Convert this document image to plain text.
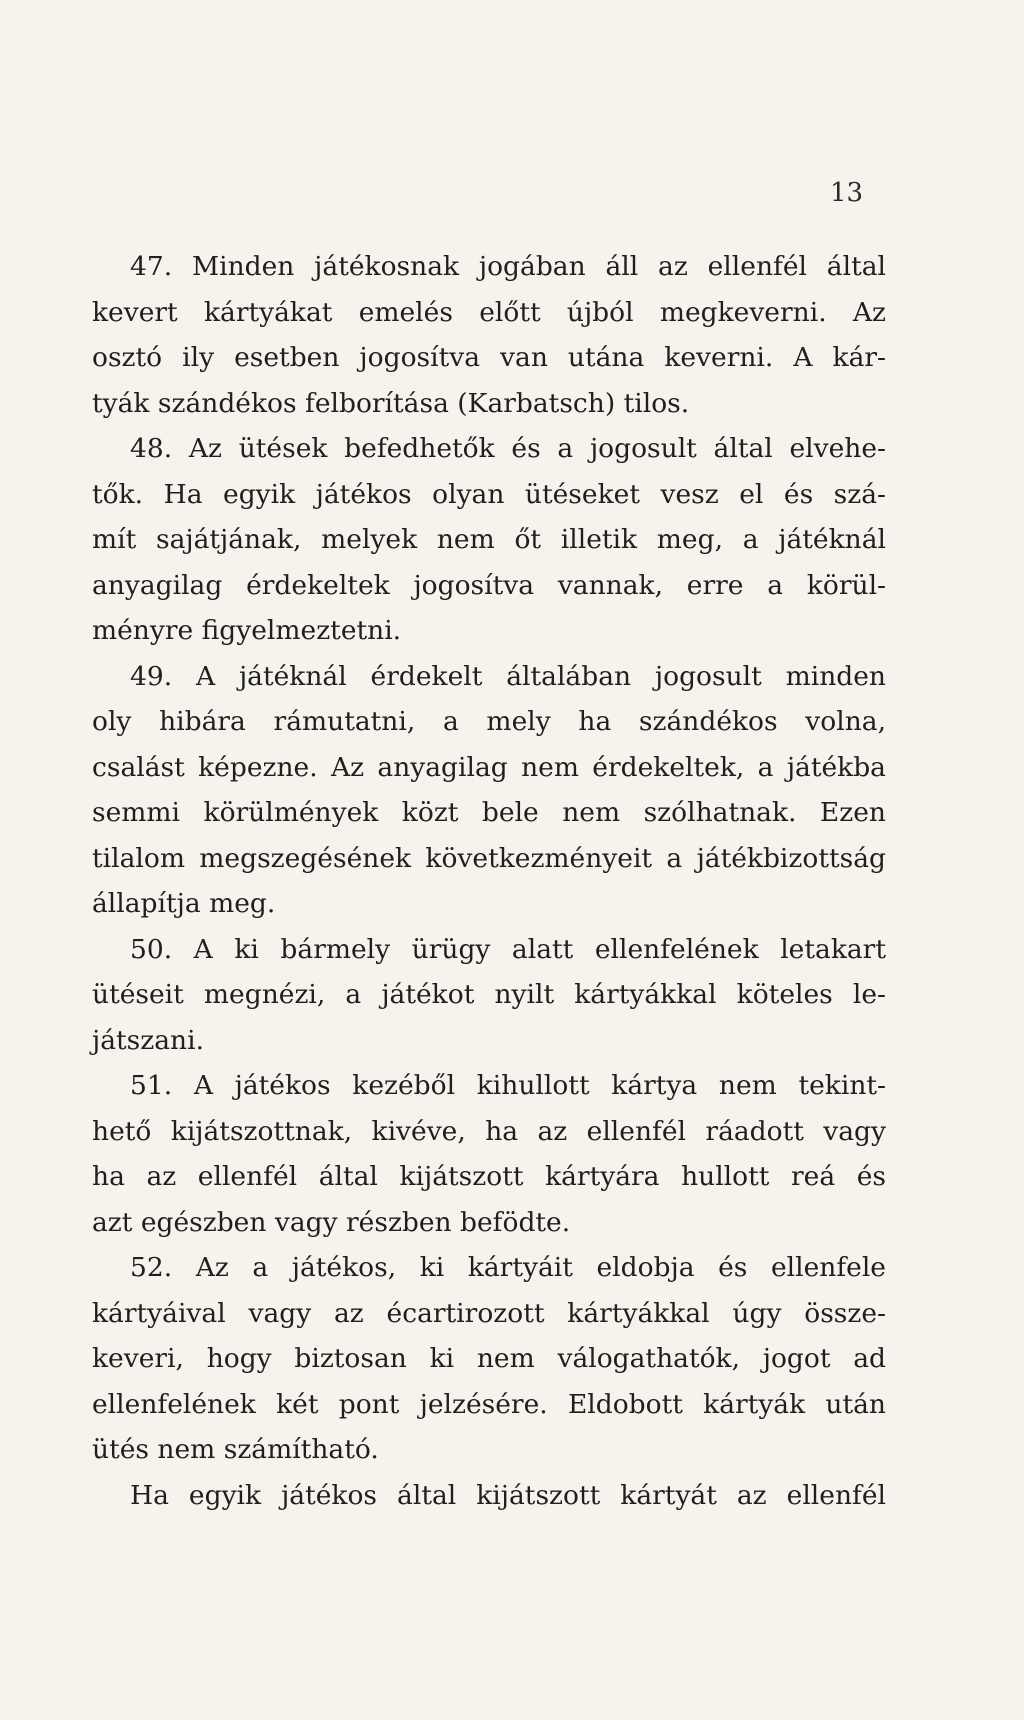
13
47. Minden játékosnak jogában áll az ellenfél által
kevert kártyákat emelés előtt újból megkeverni. Az
osztó ily esetben jogosítva van utána keverni. A kár-
tyák szándékos felborítása (Karbatsch) tilos.
48. Az ütések befedhetők és a jogosult által elvehe-
tők. Ha egyik játékos olyan ütéseket vesz el és szá-
mít sajátjának, melyek nem őt illetik meg, a játéknál
anyagilag érdekeltek jogosítva vannak, erre a körül-
ményre figyelmeztetni.
49. A játéknál érdekelt általában jogosult minden
oly hibára rámutatni, a mely ha szándékos volna,
csalást képezne. Az anyagilag nem érdekeltek, a játékba
semmi körülmények közt bele nem szólhatnak. Ezen
tilalom megszegésének következményeit a játékbizottság
állapítja meg.
50. A ki bármely ürügy alatt ellenfelének letakart
ütéseit megnézi, a játékot nyilt kártyákkal köteles le-
játszani.
51. A játékos kezéből kihullott kártya nem tekint-
hető kijátszottnak, kivéve, ha az ellenfél ráadott vagy
ha az ellenfél által kijátszott kártyára hullott reá és
azt egészben vagy részben befödte.
52. Az a játékos, ki kártyáit eldobja és ellenfele
kártyáival vagy az écartirozott kártyákkal úgy össze-
keveri, hogy biztosan ki nem válogathatók, jogot ad
ellenfelének két pont jelzésére. Eldobott kártyák után
ütés nem számítható.
Ha egyik játékos által kijátszott kártyát az ellenfél
